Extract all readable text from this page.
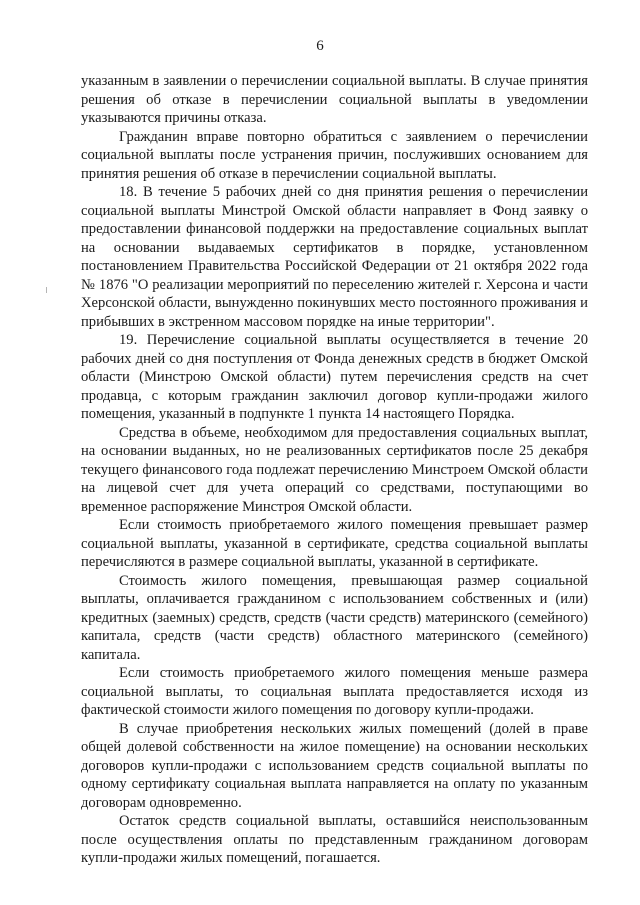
6

указанным в заявлении о перечислении социальной выплаты. В случае принятия решения об отказе в перечислении социальной выплаты в уведомлении указываются причины отказа.

Гражданин вправе повторно обратиться с заявлением о перечислении социальной выплаты после устранения причин, послуживших основанием для принятия решения об отказе в перечислении социальной выплаты.

18. В течение 5 рабочих дней со дня принятия решения о перечислении социальной выплаты Минстрой Омской области направляет в Фонд заявку о предоставлении финансовой поддержки на предоставление социальных выплат на основании выдаваемых сертификатов в порядке, установленном постановлением Правительства Российской Федерации от 21 октября 2022 года № 1876 "О реализации мероприятий по переселению жителей г. Херсона и части Херсонской области, вынужденно покинувших место постоянного проживания и прибывших в экстренном массовом порядке на иные территории".

19. Перечисление социальной выплаты осуществляется в течение 20 рабочих дней со дня поступления от Фонда денежных средств в бюджет Омской области (Минстрою Омской области) путем перечисления средств на счет продавца, с которым гражданин заключил договор купли-продажи жилого помещения, указанный в подпункте 1 пункта 14 настоящего Порядка.

Средства в объеме, необходимом для предоставления социальных выплат, на основании выданных, но не реализованных сертификатов после 25 декабря текущего финансового года подлежат перечислению Минстроем Омской области на лицевой счет для учета операций со средствами, поступающими во временное распоряжение Минстроя Омской области.

Если стоимость приобретаемого жилого помещения превышает размер социальной выплаты, указанной в сертификате, средства социальной выплаты перечисляются в размере социальной выплаты, указанной в сертификате.

Стоимость жилого помещения, превышающая размер социальной выплаты, оплачивается гражданином с использованием собственных и (или) кредитных (заемных) средств, средств (части средств) материнского (семейного) капитала, средств (части средств) областного материнского (семейного) капитала.

Если стоимость приобретаемого жилого помещения меньше размера социальной выплаты, то социальная выплата предоставляется исходя из фактической стоимости жилого помещения по договору купли-продажи.

В случае приобретения нескольких жилых помещений (долей в праве общей долевой собственности на жилое помещение) на основании нескольких договоров купли-продажи с использованием средств социальной выплаты по одному сертификату социальная выплата направляется на оплату по указанным договорам одновременно.

Остаток средств социальной выплаты, оставшийся неиспользованным после осуществления оплаты по представленным гражданином договорам купли-продажи жилых помещений, погашается.
